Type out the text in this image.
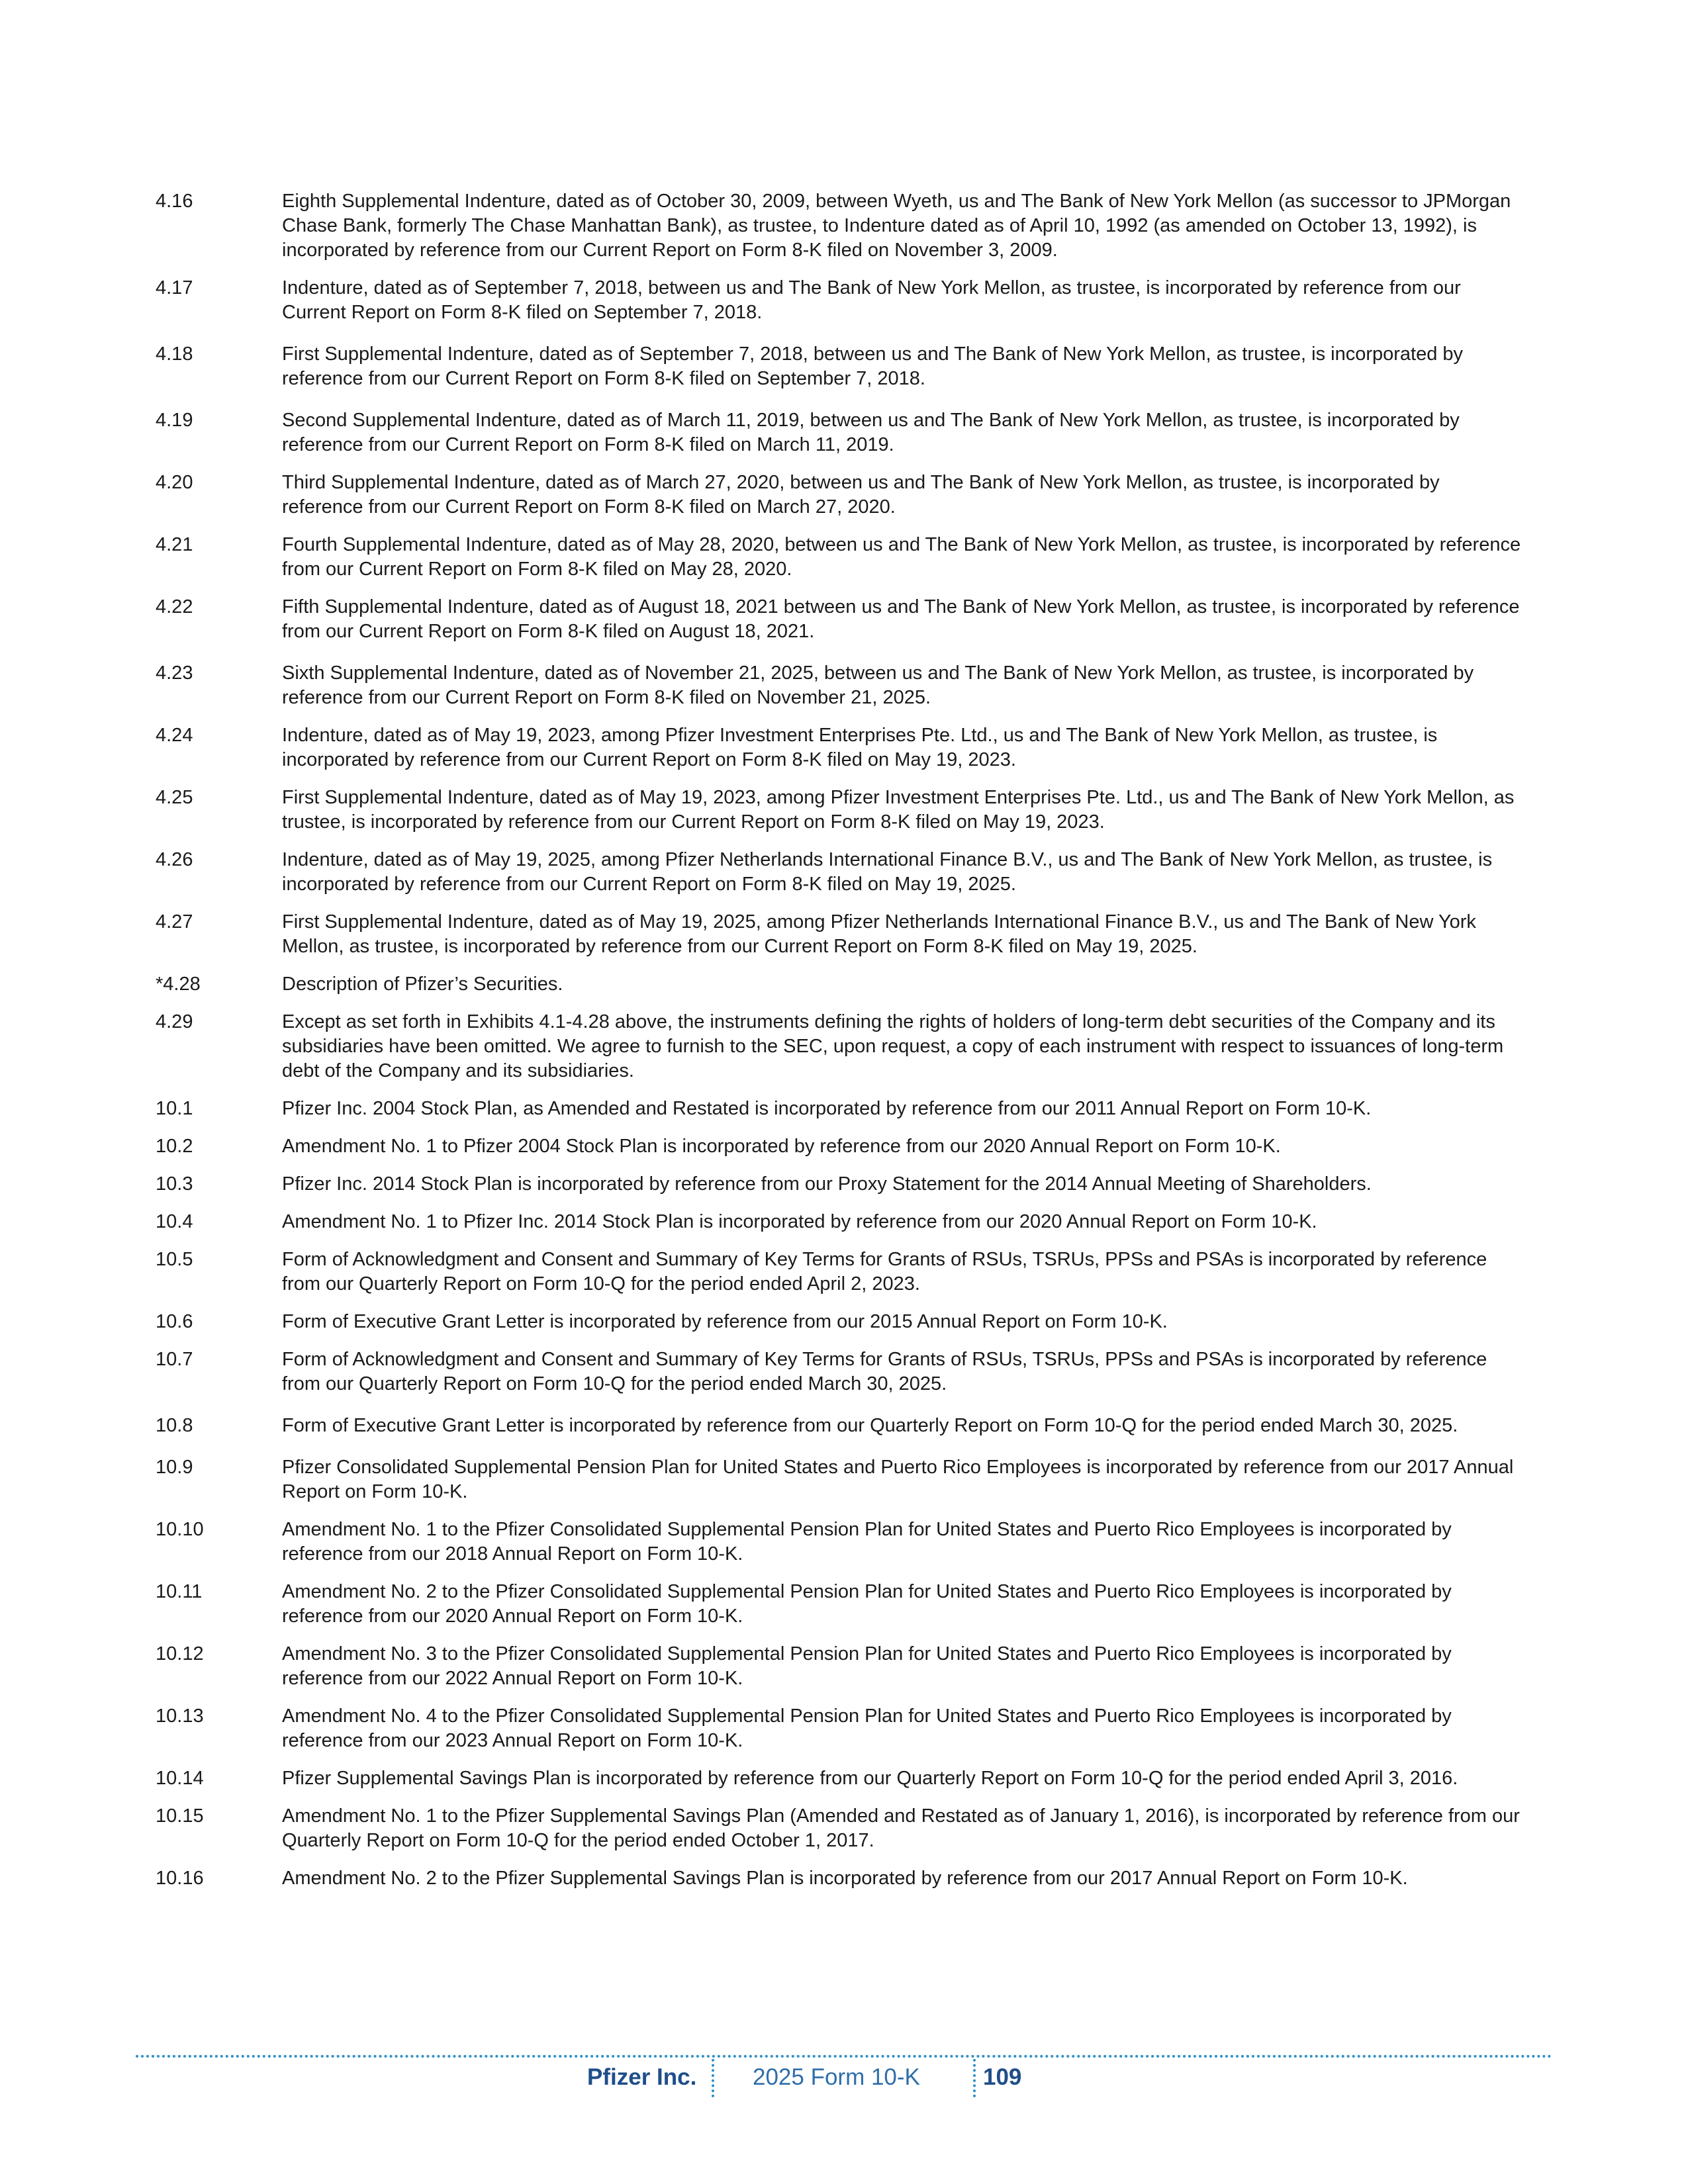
4.16	Eighth Supplemental Indenture, dated as of October 30, 2009, between Wyeth, us and The Bank of New York Mellon (as successor to JPMorgan Chase Bank, formerly The Chase Manhattan Bank), as trustee, to Indenture dated as of April 10, 1992 (as amended on October 13, 1992), is incorporated by reference from our Current Report on Form 8-K filed on November 3, 2009.
4.17	Indenture, dated as of September 7, 2018, between us and The Bank of New York Mellon, as trustee, is incorporated by reference from our Current Report on Form 8-K filed on September 7, 2018.
4.18	First Supplemental Indenture, dated as of September 7, 2018, between us and The Bank of New York Mellon, as trustee, is incorporated by reference from our Current Report on Form 8-K filed on September 7, 2018.
4.19	Second Supplemental Indenture, dated as of March 11, 2019, between us and The Bank of New York Mellon, as trustee, is incorporated by reference from our Current Report on Form 8-K filed on March 11, 2019.
4.20	Third Supplemental Indenture, dated as of March 27, 2020, between us and The Bank of New York Mellon, as trustee, is incorporated by reference from our Current Report on Form 8-K filed on March 27, 2020.
4.21	Fourth Supplemental Indenture, dated as of May 28, 2020, between us and The Bank of New York Mellon, as trustee, is incorporated by reference from our Current Report on Form 8-K filed on May 28, 2020.
4.22	Fifth Supplemental Indenture, dated as of August 18, 2021 between us and The Bank of New York Mellon, as trustee, is incorporated by reference from our Current Report on Form 8-K filed on August 18, 2021.
4.23	Sixth Supplemental Indenture, dated as of November 21, 2025, between us and The Bank of New York Mellon, as trustee, is incorporated by reference from our Current Report on Form 8-K filed on November 21, 2025.
4.24	Indenture, dated as of May 19, 2023, among Pfizer Investment Enterprises Pte. Ltd., us and The Bank of New York Mellon, as trustee, is incorporated by reference from our Current Report on Form 8-K filed on May 19, 2023.
4.25	First Supplemental Indenture, dated as of May 19, 2023, among Pfizer Investment Enterprises Pte. Ltd., us and The Bank of New York Mellon, as trustee, is incorporated by reference from our Current Report on Form 8-K filed on May 19, 2023.
4.26	Indenture, dated as of May 19, 2025, among Pfizer Netherlands International Finance B.V., us and The Bank of New York Mellon, as trustee, is incorporated by reference from our Current Report on Form 8-K filed on May 19, 2025.
4.27	First Supplemental Indenture, dated as of May 19, 2025, among Pfizer Netherlands International Finance B.V., us and The Bank of New York Mellon, as trustee, is incorporated by reference from our Current Report on Form 8-K filed on May 19, 2025.
*4.28	Description of Pfizer’s Securities.
4.29	Except as set forth in Exhibits 4.1-4.28 above, the instruments defining the rights of holders of long-term debt securities of the Company and its subsidiaries have been omitted. We agree to furnish to the SEC, upon request, a copy of each instrument with respect to issuances of long-term debt of the Company and its subsidiaries.
10.1	Pfizer Inc. 2004 Stock Plan, as Amended and Restated is incorporated by reference from our 2011 Annual Report on Form 10-K.
10.2	Amendment No. 1 to Pfizer 2004 Stock Plan is incorporated by reference from our 2020 Annual Report on Form 10-K.
10.3	Pfizer Inc. 2014 Stock Plan is incorporated by reference from our Proxy Statement for the 2014 Annual Meeting of Shareholders.
10.4	Amendment No. 1 to Pfizer Inc. 2014 Stock Plan is incorporated by reference from our 2020 Annual Report on Form 10-K.
10.5	Form of Acknowledgment and Consent and Summary of Key Terms for Grants of RSUs, TSRUs, PPSs and PSAs is incorporated by reference from our Quarterly Report on Form 10-Q for the period ended April 2, 2023.
10.6	Form of Executive Grant Letter is incorporated by reference from our 2015 Annual Report on Form 10-K.
10.7	Form of Acknowledgment and Consent and Summary of Key Terms for Grants of RSUs, TSRUs, PPSs and PSAs is incorporated by reference from our Quarterly Report on Form 10-Q for the period ended March 30, 2025.
10.8	Form of Executive Grant Letter is incorporated by reference from our Quarterly Report on Form 10-Q for the period ended March 30, 2025.
10.9	Pfizer Consolidated Supplemental Pension Plan for United States and Puerto Rico Employees is incorporated by reference from our 2017 Annual Report on Form 10-K.
10.10	Amendment No. 1 to the Pfizer Consolidated Supplemental Pension Plan for United States and Puerto Rico Employees is incorporated by reference from our 2018 Annual Report on Form 10-K.
10.11	Amendment No. 2 to the Pfizer Consolidated Supplemental Pension Plan for United States and Puerto Rico Employees is incorporated by reference from our 2020 Annual Report on Form 10-K.
10.12	Amendment No. 3 to the Pfizer Consolidated Supplemental Pension Plan for United States and Puerto Rico Employees is incorporated by reference from our 2022 Annual Report on Form 10-K.
10.13	Amendment No. 4 to the Pfizer Consolidated Supplemental Pension Plan for United States and Puerto Rico Employees is incorporated by reference from our 2023 Annual Report on Form 10-K.
10.14	Pfizer Supplemental Savings Plan is incorporated by reference from our Quarterly Report on Form 10-Q for the period ended April 3, 2016.
10.15	Amendment No. 1 to the Pfizer Supplemental Savings Plan (Amended and Restated as of January 1, 2016), is incorporated by reference from our Quarterly Report on Form 10-Q for the period ended October 1, 2017.
10.16	Amendment No. 2 to the Pfizer Supplemental Savings Plan is incorporated by reference from our 2017 Annual Report on Form 10-K.
Pfizer Inc. 2025 Form 10-K	109
